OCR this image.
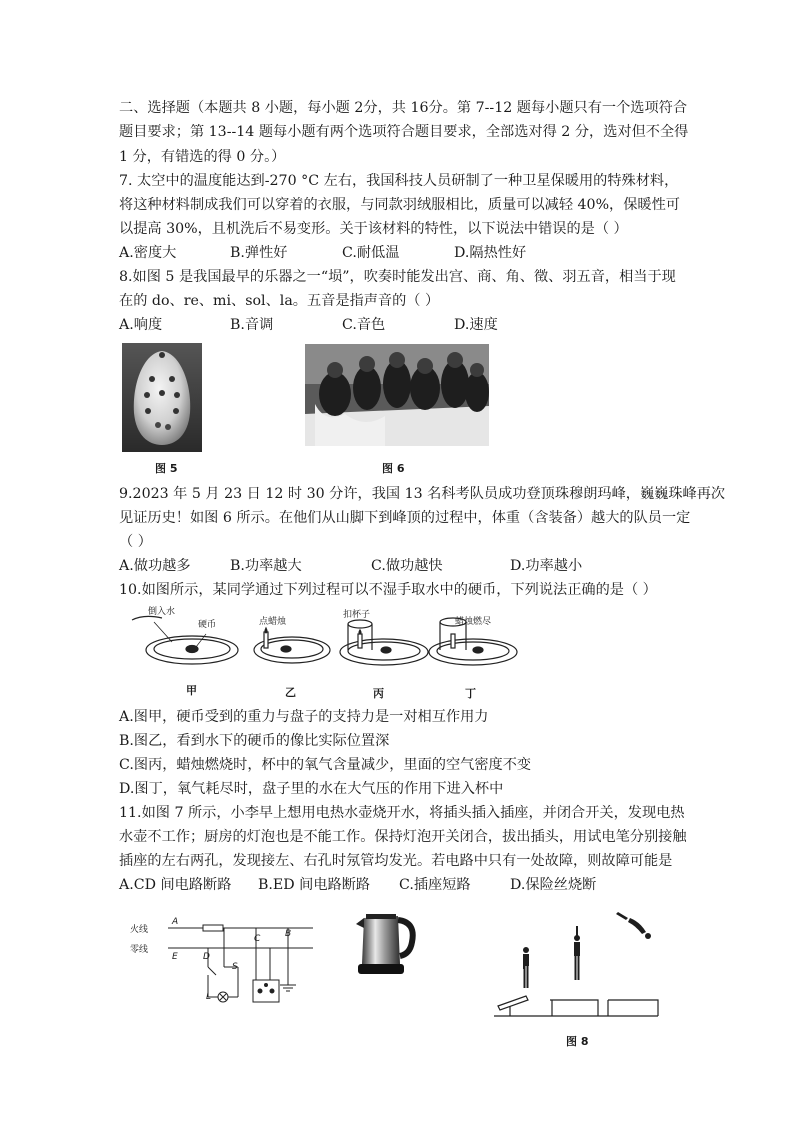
二、选择题（本题共 8 小题，每小题 2分，共 16分。第 7--12 题每小题只有一个选项符合
题目要求；第 13--14 题每小题有两个选项符合题目要求，全部选对得 2 分，选对但不全得
1 分，有错选的得 0 分。）
7. 太空中的温度能达到-270 °C 左右，我国科技人员研制了一种卫星保暖用的特殊材料，
将这种材料制成我们可以穿着的衣服，与同款羽绒服相比，质量可以减轻 40%，保暖性可
以提高 30%，且机洗后不易变形。关于该材料的特性，以下说法中错误的是（ ）
A.密度大	B.弹性好	C.耐低温	D.隔热性好
8.如图 5 是我国最早的乐器之一“埙”，吹奏时能发出宫、商、角、徵、羽五音，相当于现
在的 do、re、mi、sol、la。五音是指声音的（ ）
A.响度	B.音调	C.音色	D.速度
图 5	图 6
9.2023 年 5 月 23 日 12 时 30 分许，我国 13 名科考队员成功登顶珠穆朗玛峰，巍巍珠峰再次
见证历史！如图 6 所示。在他们从山脚下到峰顶的过程中，体重（含装备）越大的队员一定
（ ）
A.做功越多	B.功率越大	C.做功越快	D.功率越小
10.如图所示，某同学通过下列过程可以不湿手取水中的硬币，下列说法正确的是（ ）
倒入水
硬币	点蜡烛
扣杯子
蜡烛燃尽
甲	乙	丙	丁
A.图甲，硬币受到的重力与盘子的支持力是一对相互作用力
B.图乙，看到水下的硬币的像比实际位置深
C.图丙，蜡烛燃烧时，杯中的氧气含量减少，里面的空气密度不变
D.图丁，氧气耗尽时，盘子里的水在大气压的作用下进入杯中
11.如图 7 所示，小李早上想用电热水壶烧开水，将插头插入插座，并闭合开关，发现电热
水壶不工作；厨房的灯泡也是不能工作。保持灯泡开关闭合，拔出插头，用试电笔分别接触
插座的左右两孔，发现接左、右孔时氖管均发光。若电路中只有一处故障，则故障可能是
A.CD 间电路断路 B.ED 间电路断路 C.插座短路	D.保险丝烧断
火线
零线
A
E	D
C	B
S
L
图 8
